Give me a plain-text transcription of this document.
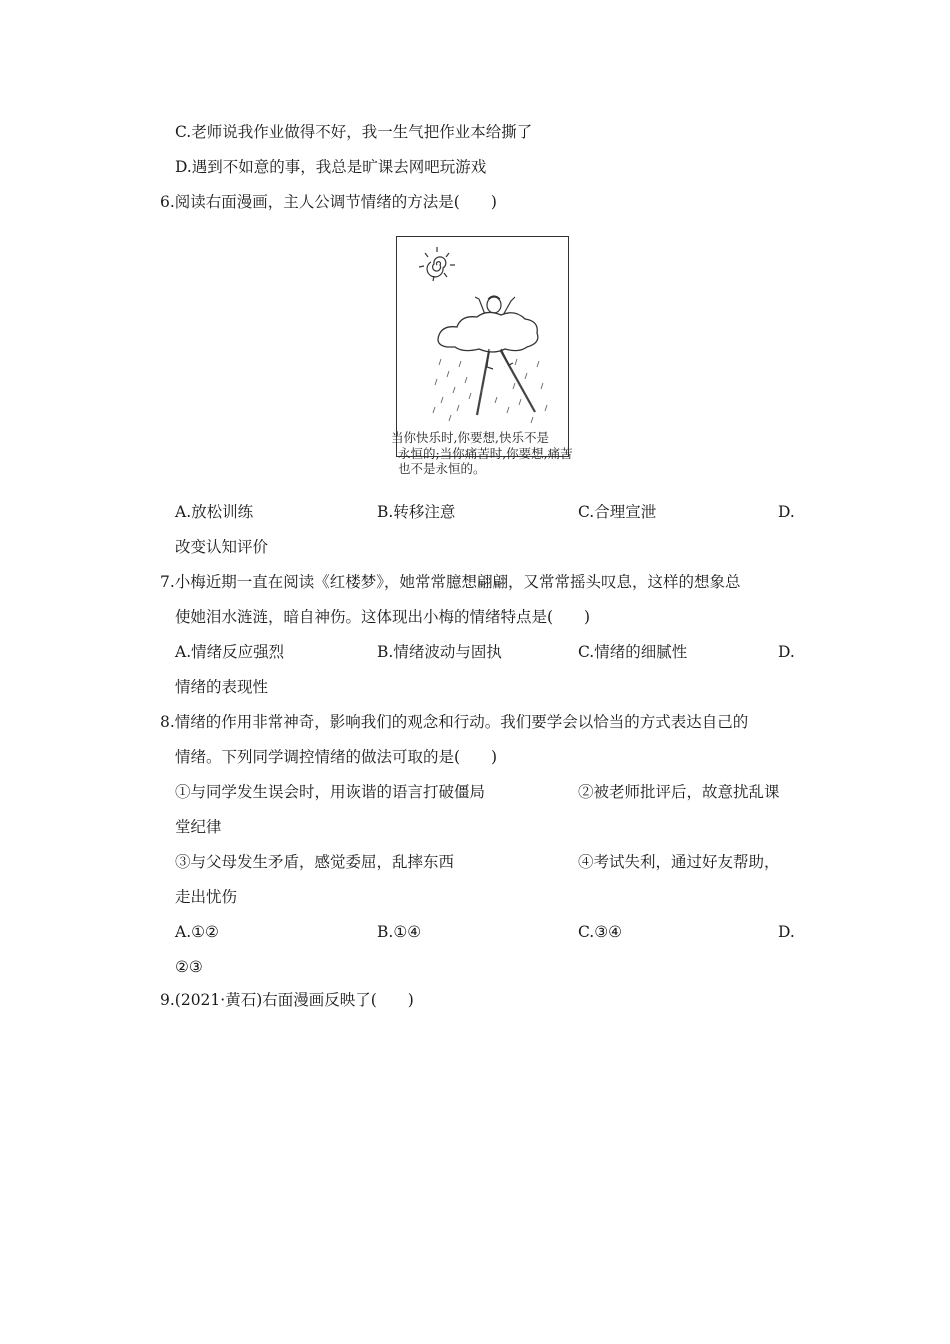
C.老师说我作业做得不好，我一生气把作业本给撕了
D.遇到不如意的事，我总是旷课去网吧玩游戏
6.阅读右面漫画，主人公调节情绪的方法是(　　)
当你快乐时,你要想,快乐不是
永恒的;当你痛苦时,你要想,痛苦
也不是永恒的。
A.放松训练	B.转移注意	C.合理宣泄	D.
改变认知评价
7.小梅近期一直在阅读《红楼梦》，她常常臆想翩翩，又常常摇头叹息，这样的想象总
使她泪水涟涟，暗自神伤。这体现出小梅的情绪特点是(　　)
A.情绪反应强烈	B.情绪波动与固执	C.情绪的细腻性	D.
情绪的表现性
8.情绪的作用非常神奇，影响我们的观念和行动。我们要学会以恰当的方式表达自己的
情绪。下列同学调控情绪的做法可取的是(　　)
①与同学发生误会时，用诙谐的语言打破僵局	②被老师批评后，故意扰乱课
堂纪律
③与父母发生矛盾，感觉委屈，乱摔东西	④考试失利，通过好友帮助，
走出忧伤
A.①②	B.①④	C.③④	D.
②③
9.(2021·黄石)右面漫画反映了(　　)
